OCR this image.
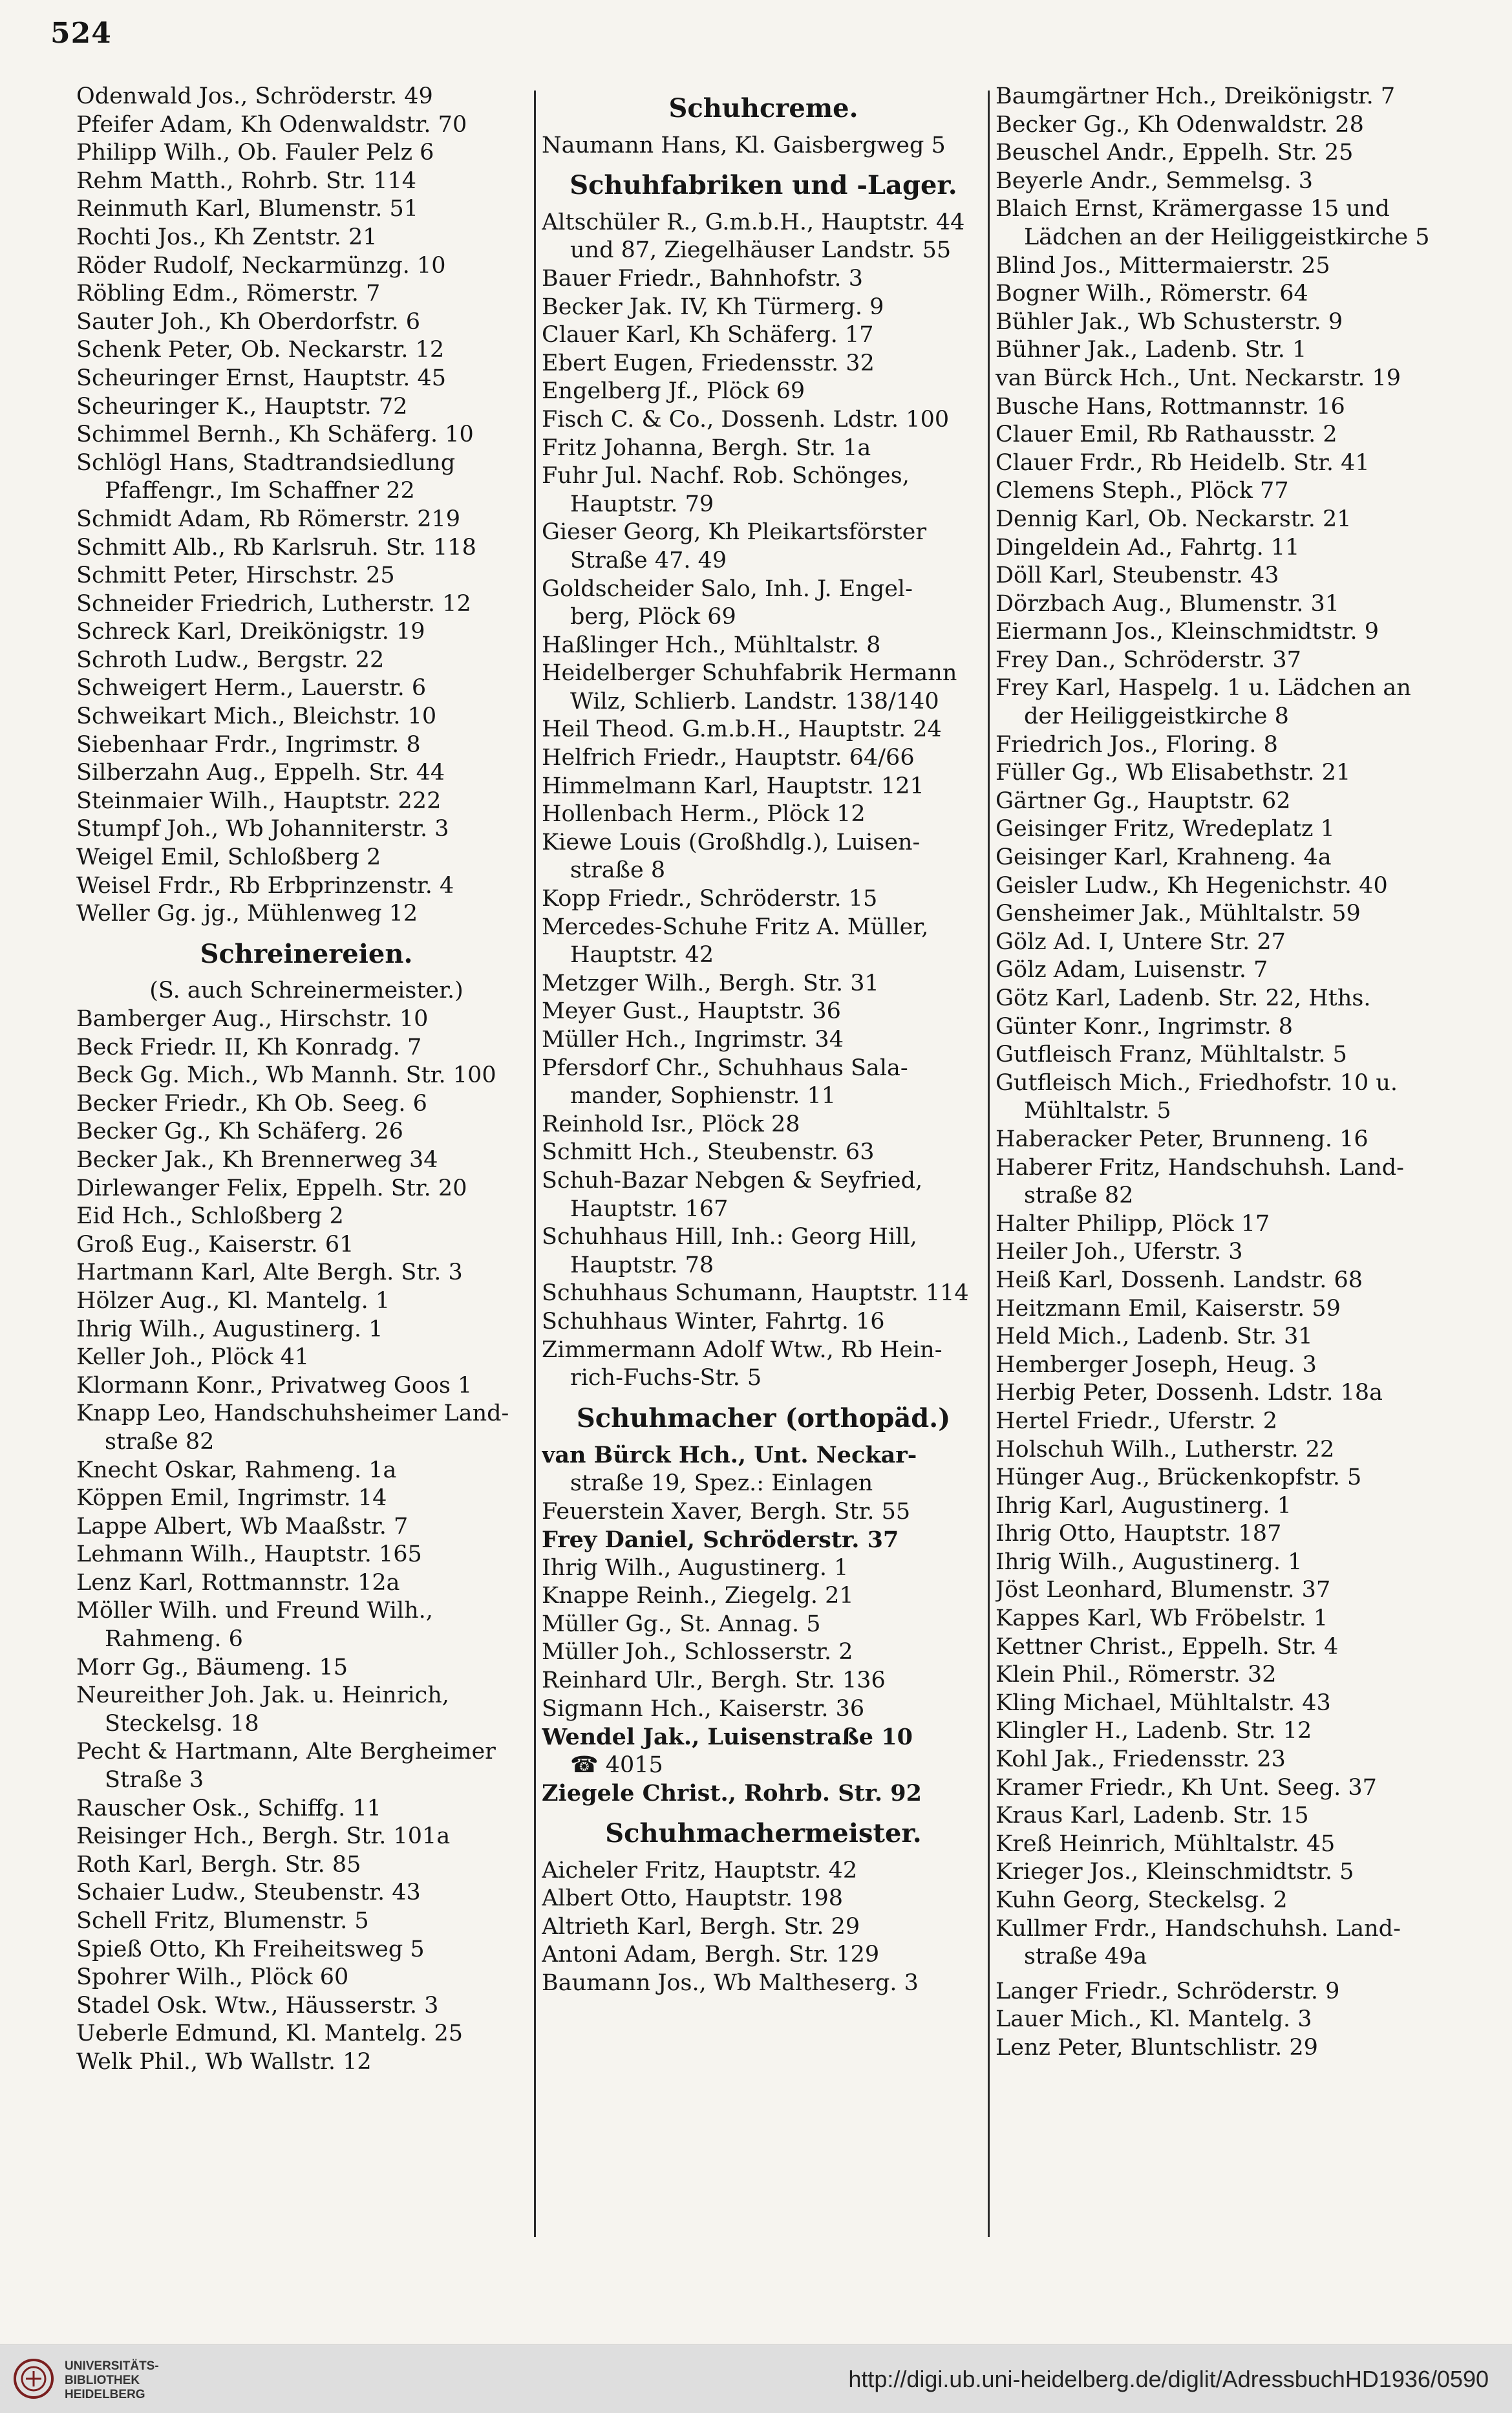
524
Odenwald Jos., Schröderstr. 49
Pfeifer Adam, Kh Odenwaldstr. 70
Philipp Wilh., Ob. Fauler Pelz 6
Rehm Matth., Rohrb. Str. 114
Reinmuth Karl, Blumenstr. 51
Rochti Jos., Kh Zentstr. 21
Röder Rudolf, Neckarmünzg. 10
Röbling Edm., Römerstr. 7
Sauter Joh., Kh Oberdorfstr. 6
Schenk Peter, Ob. Neckarstr. 12
Scheuringer Ernst, Hauptstr. 45
Scheuringer K., Hauptstr. 72
Schimmel Bernh., Kh Schäferg. 10
Schlögl Hans, Stadtrandsiedlung
Pfaffengr., Im Schaffner 22
Schmidt Adam, Rb Römerstr. 219
Schmitt Alb., Rb Karlsruh. Str. 118
Schmitt Peter, Hirschstr. 25
Schneider Friedrich, Lutherstr. 12
Schreck Karl, Dreikönigstr. 19
Schroth Ludw., Bergstr. 22
Schweigert Herm., Lauerstr. 6
Schweikart Mich., Bleichstr. 10
Siebenhaar Frdr., Ingrimstr. 8
Silberzahn Aug., Eppelh. Str. 44
Steinmaier Wilh., Hauptstr. 222
Stumpf Joh., Wb Johanniterstr. 3
Weigel Emil, Schloßberg 2
Weisel Frdr., Rb Erbprinzenstr. 4
Weller Gg. jg., Mühlenweg 12
Schreinereien.
(S. auch Schreinermeister.)
Bamberger Aug., Hirschstr. 10
Beck Friedr. II, Kh Konradg. 7
Beck Gg. Mich., Wb Mannh. Str. 100
Becker Friedr., Kh Ob. Seeg. 6
Becker Gg., Kh Schäferg. 26
Becker Jak., Kh Brennerweg 34
Dirlewanger Felix, Eppelh. Str. 20
Eid Hch., Schloßberg 2
Groß Eug., Kaiserstr. 61
Hartmann Karl, Alte Bergh. Str. 3
Hölzer Aug., Kl. Mantelg. 1
Ihrig Wilh., Augustinerg. 1
Keller Joh., Plöck 41
Klormann Konr., Privatweg Goos 1
Knapp Leo, Handschuhsheimer Land-
straße 82
Knecht Oskar, Rahmeng. 1a
Köppen Emil, Ingrimstr. 14
Lappe Albert, Wb Maaßstr. 7
Lehmann Wilh., Hauptstr. 165
Lenz Karl, Rottmannstr. 12a
Möller Wilh. und Freund Wilh.,
Rahmeng. 6
Morr Gg., Bäumeng. 15
Neureither Joh. Jak. u. Heinrich,
Steckelsg. 18
Pecht & Hartmann, Alte Bergheimer
Straße 3
Rauscher Osk., Schiffg. 11
Reisinger Hch., Bergh. Str. 101a
Roth Karl, Bergh. Str. 85
Schaier Ludw., Steubenstr. 43
Schell Fritz, Blumenstr. 5
Spieß Otto, Kh Freiheitsweg 5
Spohrer Wilh., Plöck 60
Stadel Osk. Wtw., Häusserstr. 3
Ueberle Edmund, Kl. Mantelg. 25
Welk Phil., Wb Wallstr. 12
Schuhcreme.
Naumann Hans, Kl. Gaisbergweg 5
Schuhfabriken und -Lager.
Altschüler R., G.m.b.H., Hauptstr. 44
und 87, Ziegelhäuser Landstr. 55
Bauer Friedr., Bahnhofstr. 3
Becker Jak. IV, Kh Türmerg. 9
Clauer Karl, Kh Schäferg. 17
Ebert Eugen, Friedensstr. 32
Engelberg Jf., Plöck 69
Fisch C. & Co., Dossenh. Ldstr. 100
Fritz Johanna, Bergh. Str. 1a
Fuhr Jul. Nachf. Rob. Schönges,
Hauptstr. 79
Gieser Georg, Kh Pleikartsförster
Straße 47. 49
Goldscheider Salo, Inh. J. Engel-
berg, Plöck 69
Haßlinger Hch., Mühltalstr. 8
Heidelberger Schuhfabrik Hermann
Wilz, Schlierb. Landstr. 138/140
Heil Theod. G.m.b.H., Hauptstr. 24
Helfrich Friedr., Hauptstr. 64/66
Himmelmann Karl, Hauptstr. 121
Hollenbach Herm., Plöck 12
Kiewe Louis (Großhdlg.), Luisen-
straße 8
Kopp Friedr., Schröderstr. 15
Mercedes-Schuhe Fritz A. Müller,
Hauptstr. 42
Metzger Wilh., Bergh. Str. 31
Meyer Gust., Hauptstr. 36
Müller Hch., Ingrimstr. 34
Pfersdorf Chr., Schuhhaus Sala-
mander, Sophienstr. 11
Reinhold Isr., Plöck 28
Schmitt Hch., Steubenstr. 63
Schuh-Bazar Nebgen & Seyfried,
Hauptstr. 167
Schuhhaus Hill, Inh.: Georg Hill,
Hauptstr. 78
Schuhhaus Schumann, Hauptstr. 114
Schuhhaus Winter, Fahrtg. 16
Zimmermann Adolf Wtw., Rb Hein-
rich-Fuchs-Str. 5
Schuhmacher (orthopäd.)
van Bürck Hch., Unt. Neckar-
straße 19, Spez.: Einlagen
Feuerstein Xaver, Bergh. Str. 55
Frey Daniel, Schröderstr. 37
Ihrig Wilh., Augustinerg. 1
Knappe Reinh., Ziegelg. 21
Müller Gg., St. Annag. 5
Müller Joh., Schlosserstr. 2
Reinhard Ulr., Bergh. Str. 136
Sigmann Hch., Kaiserstr. 36
Wendel Jak., Luisenstraße 10
☎ 4015
Ziegele Christ., Rohrb. Str. 92
Schuhmachermeister.
Aicheler Fritz, Hauptstr. 42
Albert Otto, Hauptstr. 198
Altrieth Karl, Bergh. Str. 29
Antoni Adam, Bergh. Str. 129
Baumann Jos., Wb Maltheserg. 3
Baumgärtner Hch., Dreikönigstr. 7
Becker Gg., Kh Odenwaldstr. 28
Beuschel Andr., Eppelh. Str. 25
Beyerle Andr., Semmelsg. 3
Blaich Ernst, Krämergasse 15 und
Lädchen an der Heiliggeistkirche 5
Blind Jos., Mittermaierstr. 25
Bogner Wilh., Römerstr. 64
Bühler Jak., Wb Schusterstr. 9
Bühner Jak., Ladenb. Str. 1
van Bürck Hch., Unt. Neckarstr. 19
Busche Hans, Rottmannstr. 16
Clauer Emil, Rb Rathausstr. 2
Clauer Frdr., Rb Heidelb. Str. 41
Clemens Steph., Plöck 77
Dennig Karl, Ob. Neckarstr. 21
Dingeldein Ad., Fahrtg. 11
Döll Karl, Steubenstr. 43
Dörzbach Aug., Blumenstr. 31
Eiermann Jos., Kleinschmidtstr. 9
Frey Dan., Schröderstr. 37
Frey Karl, Haspelg. 1 u. Lädchen an
der Heiliggeistkirche 8
Friedrich Jos., Floring. 8
Füller Gg., Wb Elisabethstr. 21
Gärtner Gg., Hauptstr. 62
Geisinger Fritz, Wredeplatz 1
Geisinger Karl, Krahneng. 4a
Geisler Ludw., Kh Hegenichstr. 40
Gensheimer Jak., Mühltalstr. 59
Gölz Ad. I, Untere Str. 27
Gölz Adam, Luisenstr. 7
Götz Karl, Ladenb. Str. 22, Hths.
Günter Konr., Ingrimstr. 8
Gutfleisch Franz, Mühltalstr. 5
Gutfleisch Mich., Friedhofstr. 10 u.
Mühltalstr. 5
Haberacker Peter, Brunneng. 16
Haberer Fritz, Handschuhsh. Land-
straße 82
Halter Philipp, Plöck 17
Heiler Joh., Uferstr. 3
Heiß Karl, Dossenh. Landstr. 68
Heitzmann Emil, Kaiserstr. 59
Held Mich., Ladenb. Str. 31
Hemberger Joseph, Heug. 3
Herbig Peter, Dossenh. Ldstr. 18a
Hertel Friedr., Uferstr. 2
Holschuh Wilh., Lutherstr. 22
Hünger Aug., Brückenkopfstr. 5
Ihrig Karl, Augustinerg. 1
Ihrig Otto, Hauptstr. 187
Ihrig Wilh., Augustinerg. 1
Jöst Leonhard, Blumenstr. 37
Kappes Karl, Wb Fröbelstr. 1
Kettner Christ., Eppelh. Str. 4
Klein Phil., Römerstr. 32
Kling Michael, Mühltalstr. 43
Klingler H., Ladenb. Str. 12
Kohl Jak., Friedensstr. 23
Kramer Friedr., Kh Unt. Seeg. 37
Kraus Karl, Ladenb. Str. 15
Kreß Heinrich, Mühltalstr. 45
Krieger Jos., Kleinschmidtstr. 5
Kuhn Georg, Steckelsg. 2
Kullmer Frdr., Handschuhsh. Land-
straße 49a
Langer Friedr., Schröderstr. 9
Lauer Mich., Kl. Mantelg. 3
Lenz Peter, Bluntschlistr. 29
UNIVERSITÄTS-
BIBLIOTHEK
HEIDELBERG
http://digi.ub.uni-heidelberg.de/diglit/AdressbuchHD1936/0590
